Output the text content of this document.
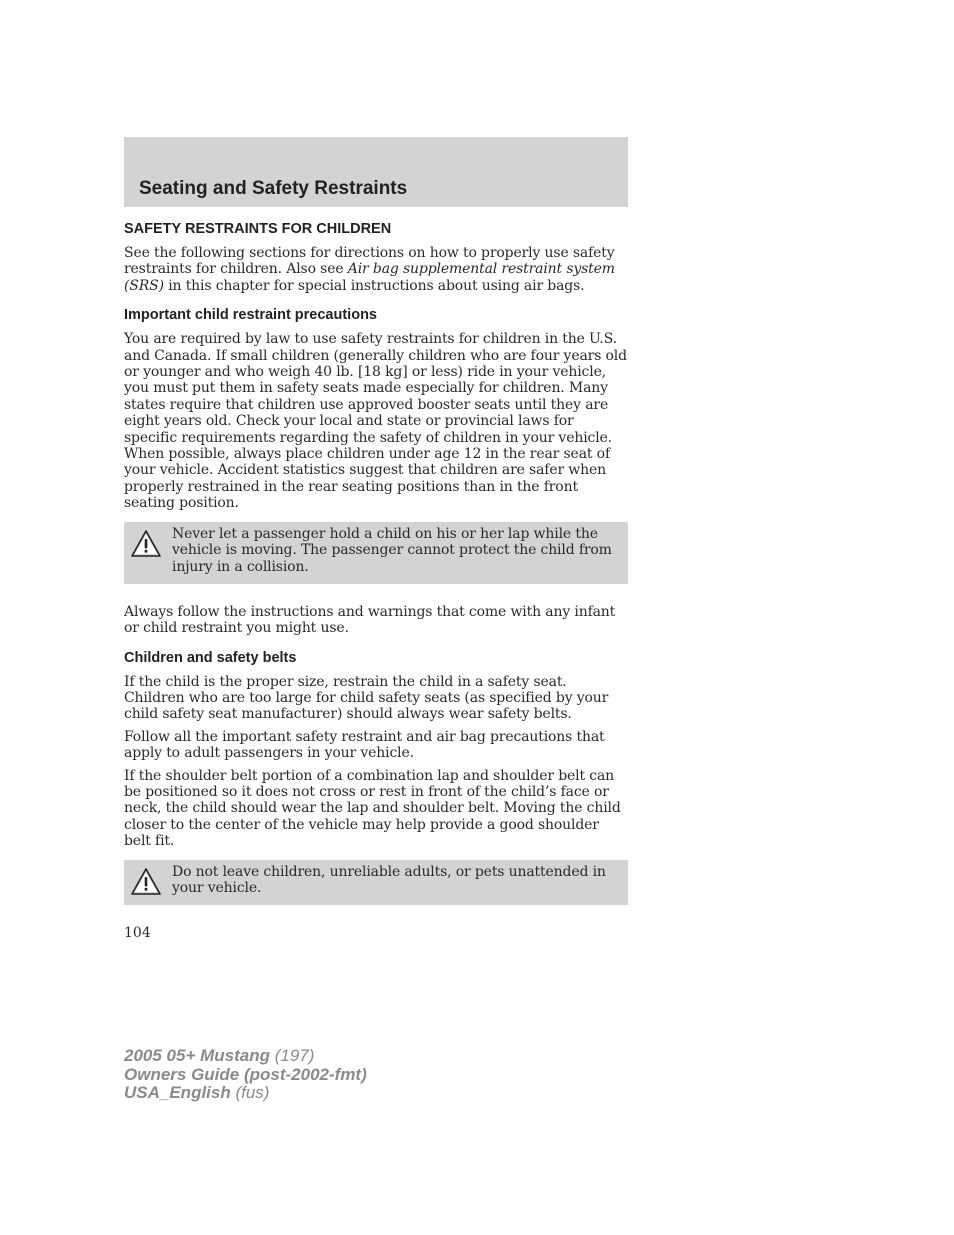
Seating and Safety Restraints
SAFETY RESTRAINTS FOR CHILDREN

See the following sections for directions on how to properly use safety restraints for children. Also see Air bag supplemental restraint system (SRS) in this chapter for special instructions about using air bags.

Important child restraint precautions

You are required by law to use safety restraints for children in the U.S. and Canada. If small children (generally children who are four years old or younger and who weigh 40 lb. [18 kg] or less) ride in your vehicle, you must put them in safety seats made especially for children. Many states require that children use approved booster seats until they are eight years old. Check your local and state or provincial laws for specific requirements regarding the safety of children in your vehicle. When possible, always place children under age 12 in the rear seat of your vehicle. Accident statistics suggest that children are safer when properly restrained in the rear seating positions than in the front seating position.

Never let a passenger hold a child on his or her lap while the vehicle is moving. The passenger cannot protect the child from injury in a collision.

Always follow the instructions and warnings that come with any infant or child restraint you might use.

Children and safety belts

If the child is the proper size, restrain the child in a safety seat. Children who are too large for child safety seats (as specified by your child safety seat manufacturer) should always wear safety belts.

Follow all the important safety restraint and air bag precautions that apply to adult passengers in your vehicle.

If the shoulder belt portion of a combination lap and shoulder belt can be positioned so it does not cross or rest in front of the child’s face or neck, the child should wear the lap and shoulder belt. Moving the child closer to the center of the vehicle may help provide a good shoulder belt fit.

Do not leave children, unreliable adults, or pets unattended in your vehicle.

104
2005 05+ Mustang (197)
Owners Guide (post-2002-fmt)
USA_English (fus)
